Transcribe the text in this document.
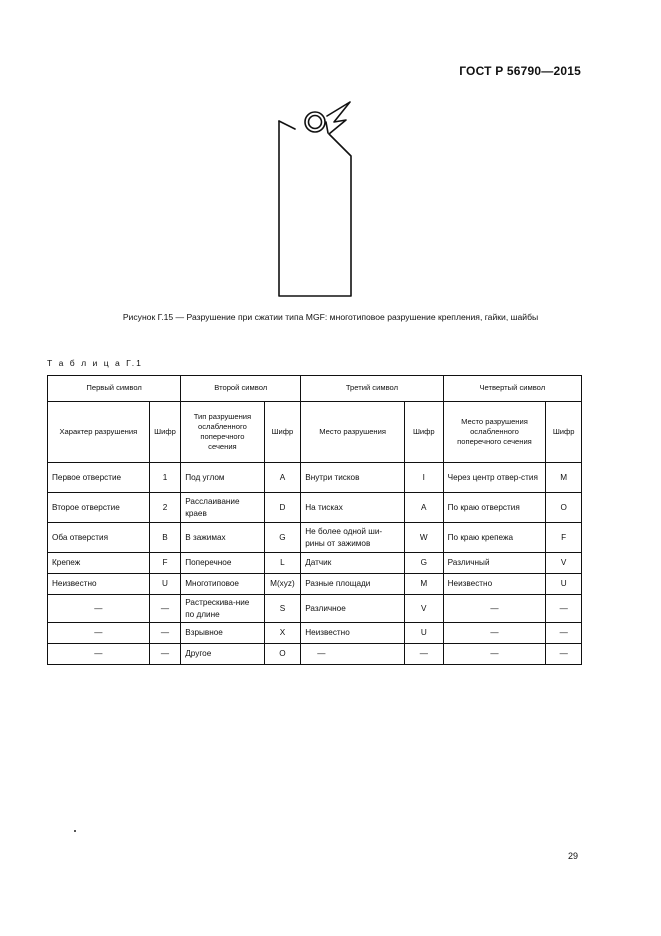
ГОСТ Р 56790—2015
Рисунок Г.15 — Разрушение при сжатии типа MGF: многотиповое разрушение крепления, гайки, шайбы
Т а б л и ц а Г.1
Первый символ		Второй символ		Третий символ		Четвертый символ	
Характер разрушения	Шифр	Тип разрушения ослабленного поперечного сечения	Шифр	Место разрушения	Шифр	Место разрушения ослабленного поперечного сечения	Шифр
Первое отверстие	1	Под углом	A	Внутри тисков	I	Через центр отвер-стия	M
Второе отверстие	2	Расслаивание краев	D	На тисках	A	По краю отверстия	O
Оба отверстия	B	В зажимах	G	Не более одной ши-рины от зажимов	W	По краю крепежа	F
Крепеж	F	Поперечное	L	Датчик	G	Различный	V
Неизвестно	U	Многотиповое	M(xyz)	Разные площади	M	Неизвестно	U
—	—	Растрескива-ние по длине	S	Различное	V	—	—
—	—	Взрывное	X	Неизвестно	U	—	—
—	—	Другое	O	—	—	—	—
29
